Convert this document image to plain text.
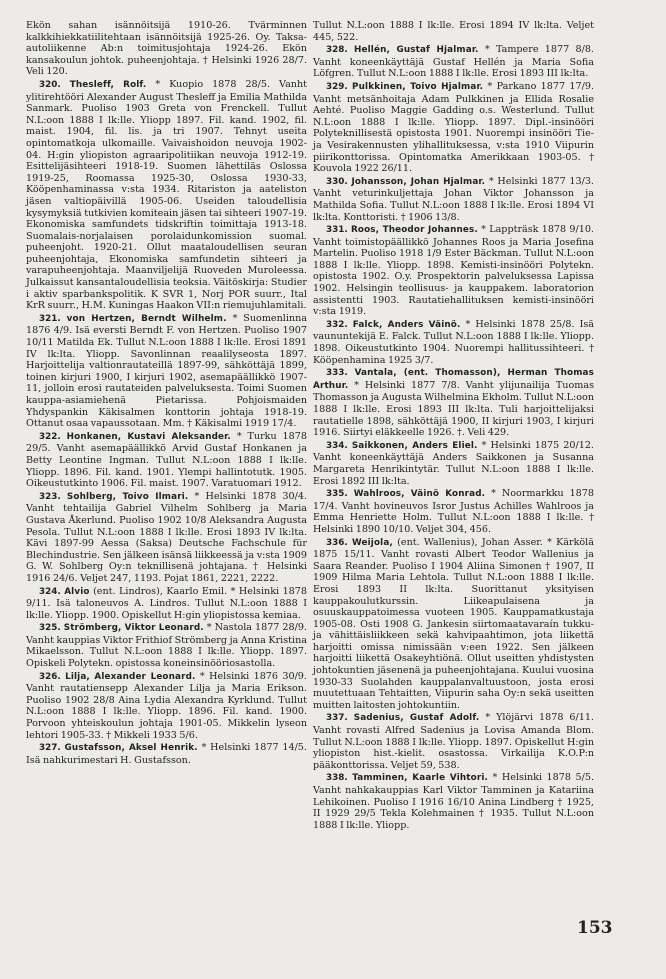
Ekön sahan isännöitsijä 1910-26. Tvärminnen kalkkihiekkatiilitehtaan isännöitsijä 1925-26. Oy. Taksa-autoliikenne Ab:n toimitusjohtaja 1924-26. Ekön kansakoulun johtok. puheenjohtaja. † Helsinki 1926 28/7. Veli 120.

320. Thesleff, Rolf. * Kuopio 1878 28/5. Vanht ylitirehtööri Alexander August Thesleff ja Emilia Mathilda Sanmark. Puoliso 1903 Greta von Frenckell. Tullut N.L:oon 1888 I lk:lle. Yliopp 1897. Fil. kand. 1902, fil. maist. 1904, fil. lis. ja tri 1907. Tehnyt useita opintomatkoja ulkomaille. Vaivaishoidon neuvoja 1902-04. H:gin yliopiston agraaripolitiikan neuvoja 1912-19. Esittelijäsihteeri 1918-19. Suomen lähettiläs Oslossa 1919-25, Roomassa 1925-30, Oslossa 1930-33, Kööpenhaminassa v:sta 1934. Ritariston ja aateliston jäsen valtiopäivillä 1905-06. Useiden taloudellisia kysymyksiä tutkivien komiteain jäsen tai sihteeri 1907-19. Ekonomiska samfundets tidskriftin toimittaja 1913-18. Suomalais-norjalaisen porolaidunkomission suomal. puheenjoht. 1920-21. Ollut maataloudellisen seuran puheenjohtaja, Ekonomiska samfundetin sihteeri ja varapuheenjohtaja. Maanviljelijä Ruoveden Muroleessa. Julkaissut kansantaloudellisia teoksia. Väitöskirja: Studier i aktiv sparbankspolitik. K SVR 1, Norj POR suurr., Ital KrR suurr., H.M. Kuningas Haakon VII:n riemujuhlamitali.

321. von Hertzen, Berndt Wilhelm. * Suomenlinna 1876 4/9. Isä eversti Berndt F. von Hertzen. Puoliso 1907 10/11 Matilda Ek. Tullut N.L:oon 1888 I lk:lle. Erosi 1891 IV lk:lta. Yliopp. Savonlinnan reaalilyseosta 1897. Harjoittelija valtionrautateillä 1897-99, sähköttäjä 1899, toinen kirjuri 1900, I kirjuri 1902, asemapäällikkö 1907-11, jolloin erosi rautateiden palveluksesta. Toimi Suomen kauppa-asiamiehenä Pietarissa. Pohjoismaiden Yhdyspankin Käkisalmen konttorin johtaja 1918-19. Ottanut osaa vapaussotaan. Mm. † Käkisalmi 1919 17/4.

322. Honkanen, Kustavi Aleksander. * Turku 1878 29/5. Vanht asemapäällikkö Arvid Gustaf Honkanen ja Betty Leontine Ingman. Tullut N.L:oon 1888 I lk:lle. Yliopp. 1896. Fil. kand. 1901. Ylempi hallintotutk. 1905. Oikeustutkinto 1906. Fil. maist. 1907. Varatuomari 1912.

323. Sohlberg, Toivo Ilmari. * Helsinki 1878 30/4. Vanht tehtailija Gabriel Vilhelm Sohlberg ja Maria Gustava Åkerlund. Puoliso 1902 10/8 Aleksandra Augusta Pesola. Tullut N.L:oon 1888 I lk:lle. Erosi 1893 IV lk:lta. Kävi 1897-99 Aessa (Saksa) Deutsche Fachschule für Blechindustrie. Sen jälkeen isänsä liikkeessä ja v:sta 1909 G. W. Sohlberg Oy:n teknillisenä johtajana. † Helsinki 1916 24/6. Veljet 247, 1193. Pojat 1861, 2221, 2222.

324. Alvio (ent. Lindros), Kaarlo Emil. * Helsinki 1878 9/11. Isä taloneuvos A. Lindros. Tullut N.L:oon 1888 I lk:lle. Yliopp. 1900. Opiskellut H:gin yliopistossa kemiaa.

325. Strömberg, Viktor Leonard. * Nastola 1877 28/9. Vanht kauppias Viktor Frithiof Strömberg ja Anna Kristina Mikaelsson. Tullut N.L:oon 1888 I lk:lle. Yliopp. 1897. Opiskeli Polytekn. opistossa koneinsinööriosastolla.

326. Lilja, Alexander Leonard. * Helsinki 1876 30/9. Vanht rautatiensepp Alexander Lilja ja Maria Erikson. Puoliso 1902 28/8 Aina Lydia Alexandra Kyrklund. Tullut N.L:oon 1888 I lk:lle. Yliopp. 1896. Fil. kand. 1900. Porvoon yhteiskoulun johtaja 1901-05. Mikkelin lyseon lehtori 1905-33. † Mikkeli 1933 5/6.

327. Gustafsson, Aksel Henrik. * Helsinki 1877 14/5. Isä nahkurimestari H. Gustafsson.

Tullut N.L:oon 1888 I lk:lle. Erosi 1894 IV lk:lta. Veljet 445, 522.

328. Hellén, Gustaf Hjalmar. * Tampere 1877 8/8. Vanht koneenkäyttäjä Gustaf Hellén ja Maria Sofia Löfgren. Tullut N.L:oon 1888 I lk:lle. Erosi 1893 III lk:lta.

329. Pulkkinen, Toivo Hjalmar. * Parkano 1877 17/9. Vanht metsänhoitaja Adam Pulkkinen ja Ellida Rosalie Aehté. Puoliso Maggie Gadding o.s. Westerlund. Tullut N.L:oon 1888 I lk:lle. Yliopp. 1897. Dipl.-insinööri Polyteknillisestä opistosta 1901. Nuorempi insinööri Tie- ja Vesirakennusten ylihallituksessa, v:sta 1910 Viipurin piirikonttorissa. Opintomatka Amerikkaan 1903-05. † Kouvola 1922 26/11.

330. Johansson, Johan Hjalmar. * Helsinki 1877 13/3. Vanht veturinkuljettaja Johan Viktor Johansson ja Mathilda Sofia. Tullut N.L:oon 1888 I lk:lle. Erosi 1894 VI lk:lta. Konttoristi. † 1906 13/8.

331. Roos, Theodor Johannes. * Lappträsk 1878 9/10. Vanht toimistopäällikkö Johannes Roos ja Maria Josefina Martelin. Puoliso 1918 1/9 Ester Bäckman. Tullut N.L:oon 1888 I lk:lle. Yliopp. 1898. Kemisti-insinööri Polytekn. opistosta 1902. O.y. Prospektorin palveluksessa Lapissa 1902. Helsingin teollisuus- ja kauppakem. laboratorion assistentti 1903. Rautatiehallituksen kemisti-insinööri v:sta 1919.

332. Falck, Anders Väinö. * Helsinki 1878 25/8. Isä vaununtekijä E. Falck. Tullut N.L:oon 1888 I lk:lle. Yliopp. 1898. Oikeustutkinto 1904. Nuorempi hallitussihteeri. † Kööpenhamina 1925 3/7.

333. Vantala, (ent. Thomasson), Herman Thomas Arthur. * Helsinki 1877 7/8. Vanht ylijunailija Tuomas Thomasson ja Augusta Wilhelmina Ekholm. Tullut N.L:oon 1888 I lk:lle. Erosi 1893 III lk:lta. Tuli harjoittelijaksi rautatielle 1898, sähköttäjä 1900, II kirjuri 1903, I kirjuri 1916. Siirtyi eläkkeelle 1926. †. Veli 429.

334. Saikkonen, Anders Eliel. * Helsinki 1875 20/12. Vanht koneenkäyttäjä Anders Saikkonen ja Susanna Margareta Henrikintytär. Tullut N.L:oon 1888 I lk:lle. Erosi 1892 III lk:lta.

335. Wahlroos, Väinö Konrad. * Noormarkku 1878 17/4. Vanht hovineuvos Isror Justus Achilles Wahlroos ja Emma Henriette Holm. Tullut N.L:oon 1888 I lk:lle. † Helsinki 1890 10/10. Veljet 304, 456.

336. Weijola, (ent. Wallenius), Johan Asser. * Kärkölä 1875 15/11. Vanht rovasti Albert Teodor Wallenius ja Saara Reander. Puoliso I 1904 Aliina Simonen † 1907, II 1909 Hilma Maria Lehtola. Tullut N.L:oon 1888 I lk:lle. Erosi 1893 II lk:lta. Suorittanut yksityisen kauppakoulutkurssin. Liikeapulaisena ja osuuskauppatoimessa vuoteen 1905. Kauppamatkustaja 1905-08. Osti 1908 G. Jankesin siirtomaatavaraín tukku- ja vähittäisliikkeen sekä kahvipaahtimon, jota liikettä harjoitti omissa nimissään v:een 1922. Sen jälkeen harjoitti liikettä Osakeyhtiönä. Ollut useitten yhdistysten johtokuntien jäsenenä ja puheenjohtajana. Kuului vuosina 1930-33 Suolahden kauppalanvaltuustoon, josta erosi muutettuaan Tehtaitten, Viipurin saha Oy:n sekä useitten muitten laitosten johtokuntiin.

337. Sadenius, Gustaf Adolf. * Ylöjärvi 1878 6/11. Vanht rovasti Alfred Sadenius ja Lovisa Amanda Blom. Tullut N.L:oon 1888 I lk:lle. Yliopp. 1897. Opiskellut H:gin yliopiston hist.-kielit. osastossa. Virkailija K.O.P:n pääkonttorissa. Veljet 59, 538.

338. Tamminen, Kaarle Vihtori. * Helsinki 1878 5/5. Vanht nahkakauppias Karl Viktor Tamminen ja Katariina Lehikoinen. Puoliso I 1916 16/10 Anina Lindberg † 1925, II 1929 29/5 Tekla Kolehmainen † 1935. Tullut N.L:oon 1888 I lk:lle. Yliopp.

153
